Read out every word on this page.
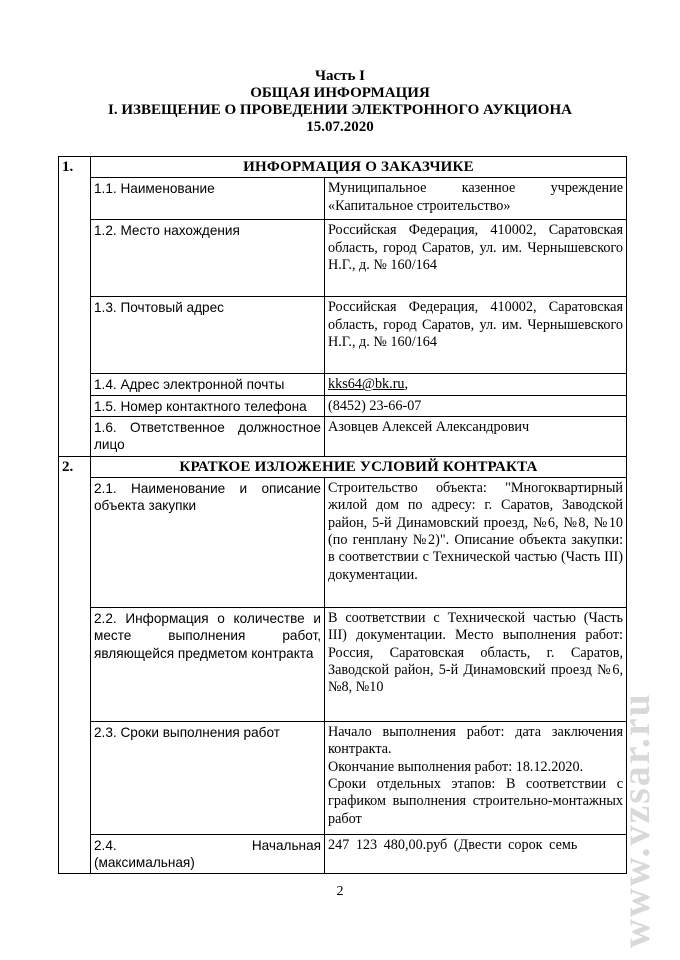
Часть I
ОБЩАЯ ИНФОРМАЦИЯ
I. ИЗВЕЩЕНИЕ О ПРОВЕДЕНИИ ЭЛЕКТРОННОГО АУКЦИОНА
15.07.2020
1.	ИНФОРМАЦИЯ О ЗАКАЗЧИКЕ	
	1.1. Наименование	Муниципальное казенное учреждение «Капитальное строительство»
	1.2. Место нахождения	Российская Федерация, 410002, Саратовская область, город Саратов, ул. им. Чернышевского Н.Г., д. № 160/164
	1.3. Почтовый адрес	Российская Федерация, 410002, Саратовская область, город Саратов, ул. им. Чернышевского Н.Г., д. № 160/164
	1.4. Адрес электронной почты	kks64@bk.ru,
	1.5. Номер контактного телефона	(8452) 23-66-07
	1.6. Ответственное должностное лицо	Азовцев Алексей Александрович
2.	КРАТКОЕ ИЗЛОЖЕНИЕ УСЛОВИЙ КОНТРАКТА	
	2.1. Наименование и описание объекта закупки	Строительство объекта: "Многоквартирный жилой дом по адресу: г. Саратов, Заводской район, 5-й Динамовский проезд, №6, №8, №10 (по генплану №2)". Описание объекта закупки: в соответствии с Технической частью (Часть III) документации.
	2.2. Информация о количестве и месте выполнения работ, являющейся предметом контракта	В соответствии с Технической частью (Часть III) документации. Место выполнения работ: Россия, Саратовская область, г. Саратов, Заводской район, 5-й Динамовский проезд №6, №8, №10
	2.3. Сроки выполнения работ	Начало выполнения работ: дата заключения контракта.
Окончание выполнения работ: 18.12.2020.
Сроки отдельных этапов: В соответствии с графиком выполнения строительно-монтажных работ

	2.4. Начальная (максимальная)	247 123 480,00.руб (Двести сорок семь
2	www.vzsar.ru
